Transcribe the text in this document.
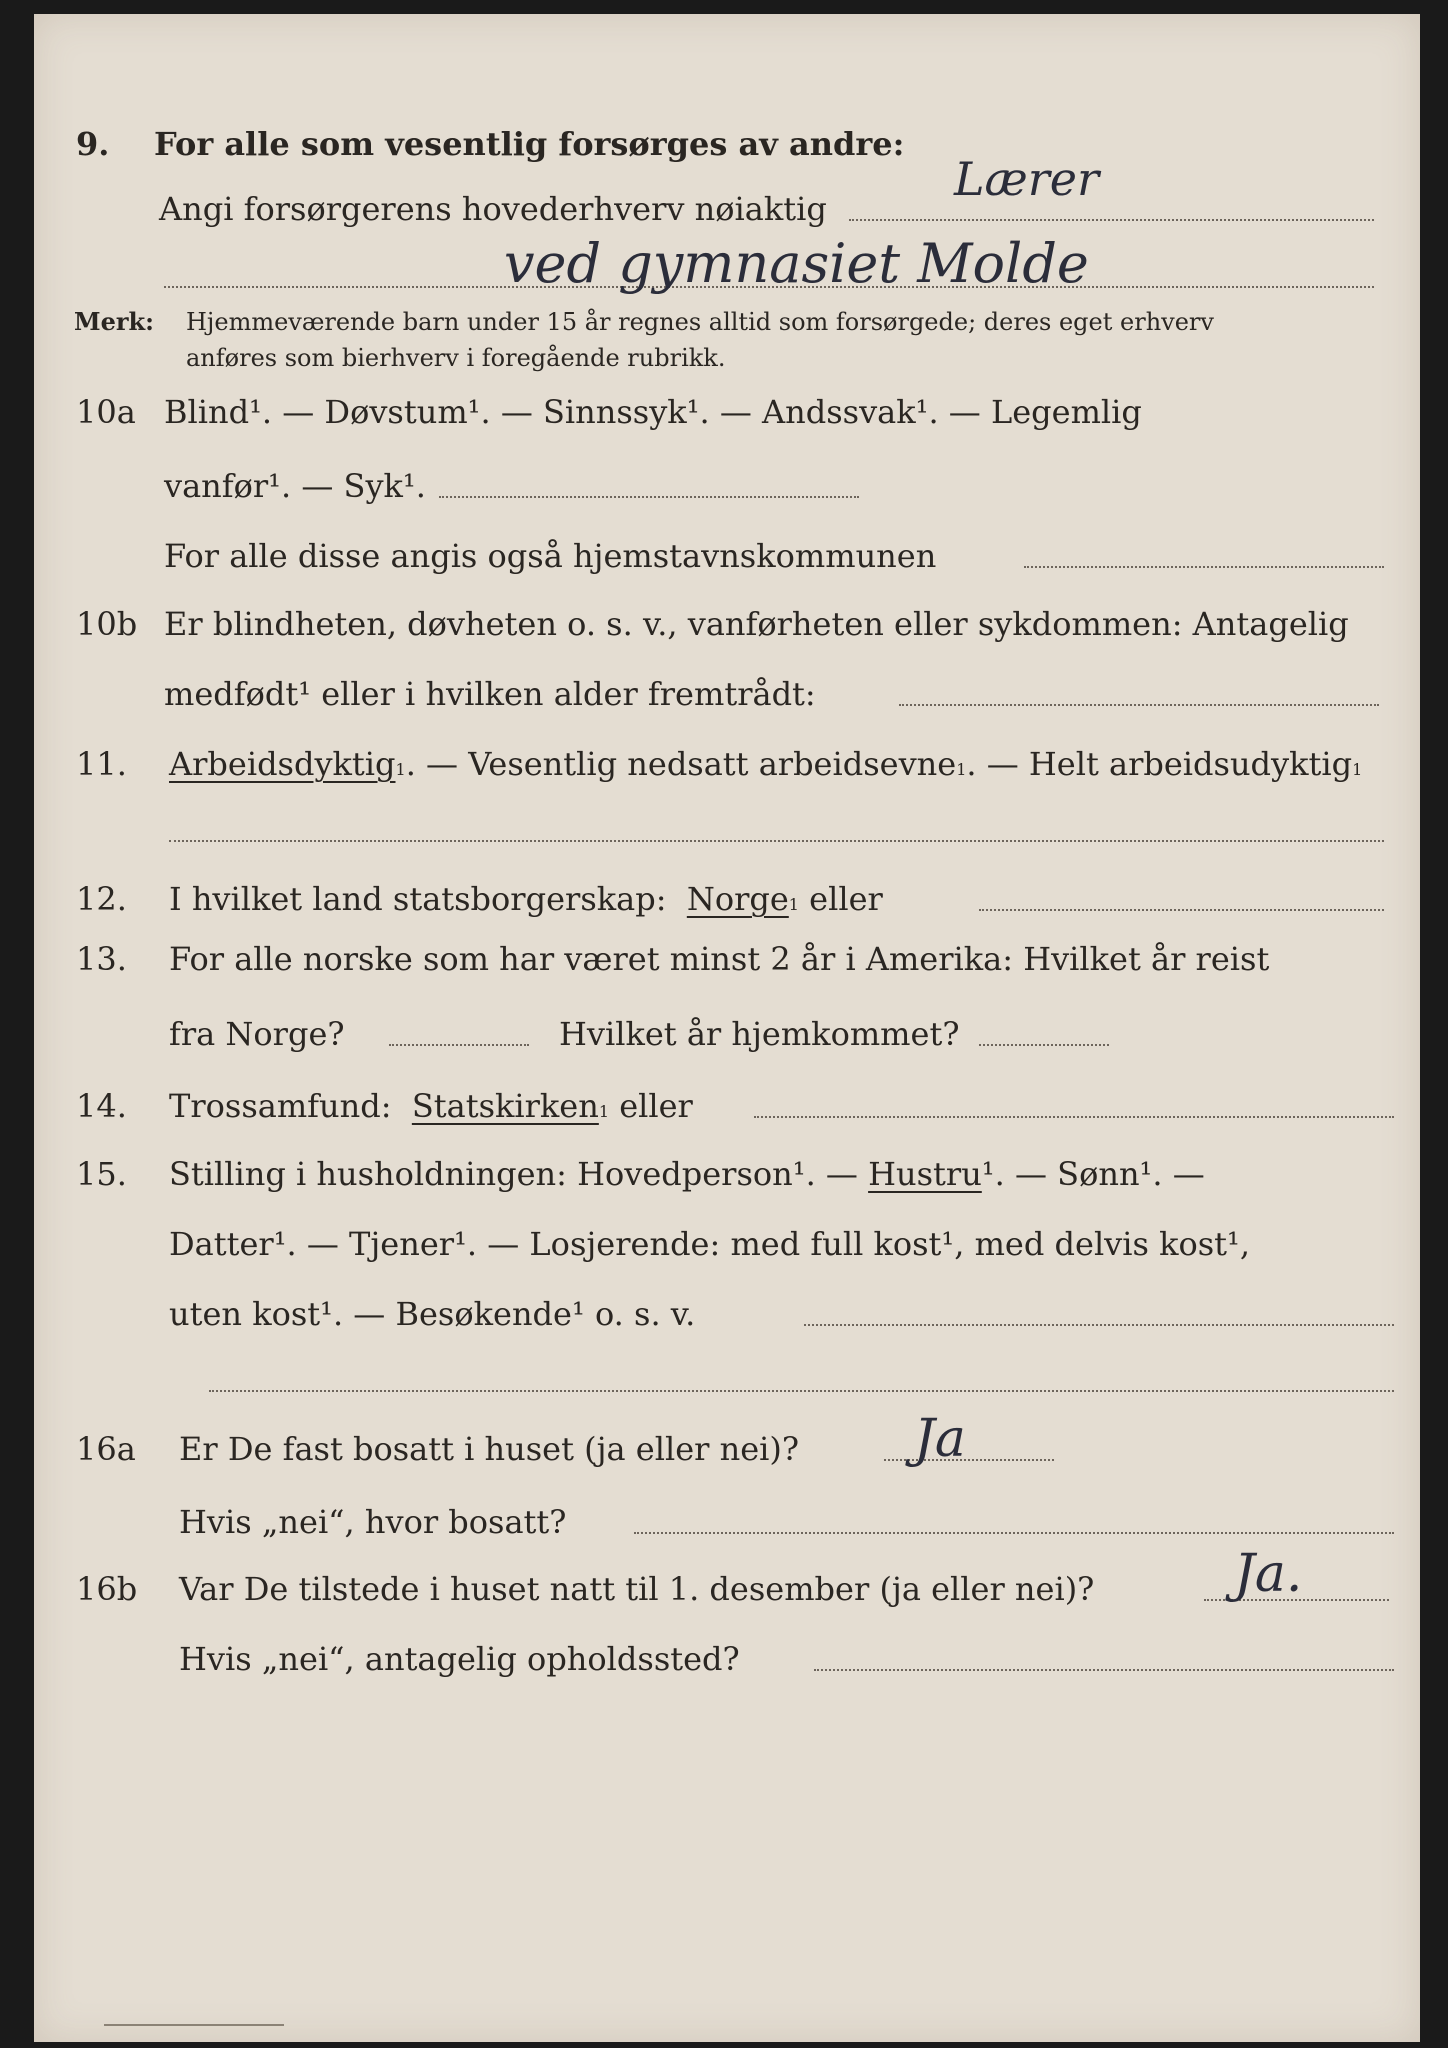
9. For alle som vesentlig forsørges av andre:
Angi forsørgerens hovederhverv nøiaktig
Lærer
ved gymnasiet Molde
Merk: Hjemmeværende barn under 15 år regnes alltid som forsørgede; deres eget erhverv
anføres som bierhverv i foregående rubrikk.
10a Blind¹. — Døvstum¹. — Sinnssyk¹. — Andssvak¹. — Legemlig
vanfør¹. — Syk¹.
For alle disse angis også hjemstavnskommunen
10b Er blindheten, døvheten o. s. v., vanførheten eller sykdommen: Antagelig
medfødt¹ eller i hvilken alder fremtrådt:
11. Arbeidsdyktig 1 . — Vesentlig nedsatt arbeidsevne 1 . — Helt arbeidsudyktig 1
12. I hvilket land statsborgerskap:
Norge 1
eller
13. For alle norske som har været minst 2 år i Amerika: Hvilket år reist
fra Norge?	Hvilket år hjemkommet?
14. Trossamfund:
Statskirken 1
eller
15. Stilling i husholdningen: Hovedperson¹. —
Hustru ¹. — Sønn¹. —
Datter¹. — Tjener¹. — Losjerende: med full kost¹, med delvis kost¹,
uten kost¹. — Besøkende¹ o. s. v.
16a Er De fast bosatt i huset (ja eller nei)? Ja
Hvis „nei“, hvor bosatt?
16b Var De tilstede i huset natt til 1. desember (ja eller nei)?	Ja.
Hvis „nei“, antagelig opholdssted?
